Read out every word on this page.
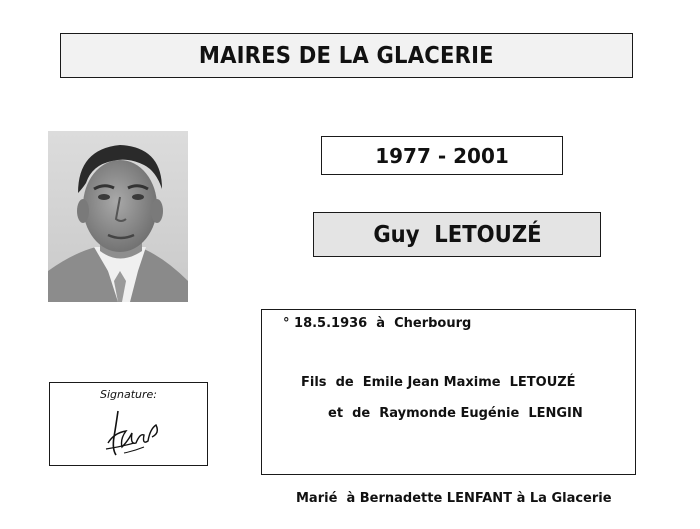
MAIRES DE LA GLACERIE
1977 - 2001
Guy  LETOUZÉ
° 18.5.1936  à  Cherbourg
Fils  de  Emile Jean Maxime  LETOUZÉ
et  de  Raymonde Eugénie  LENGIN
Signature:
Marié  à Bernadette LENFANT à La Glacerie
